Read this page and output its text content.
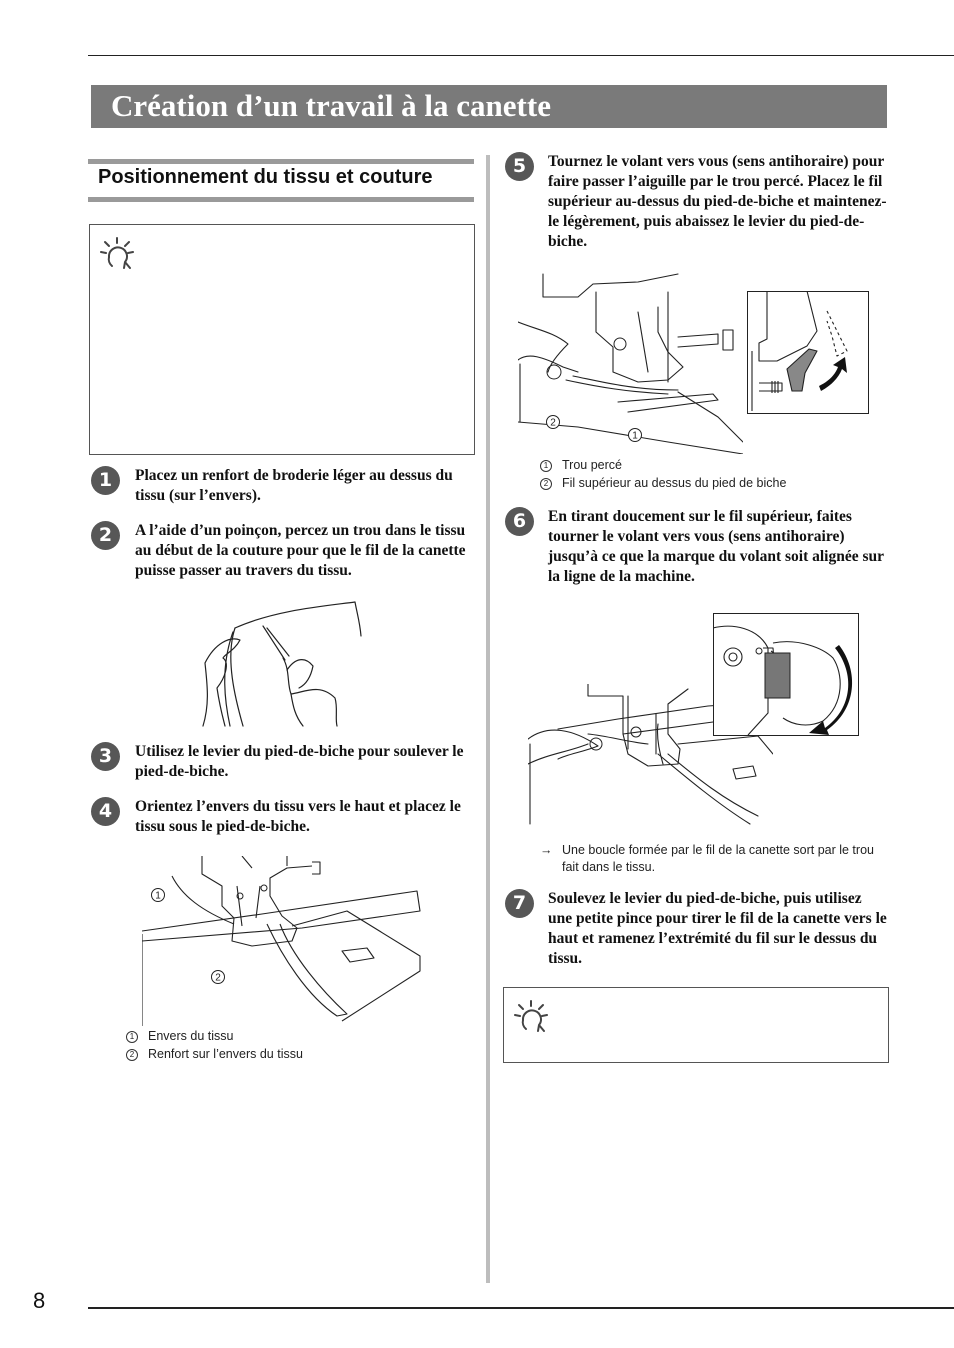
Création d’un travail à la canette
Positionnement du tissu et couture
1	Placez un renfort de broderie léger au dessus du tissu (sur l’envers).
2	A l’aide d’un poinçon, percez un trou dans le tissu au début de la couture pour que le fil de la canette puisse passer au travers du tissu.
3	Utilisez le levier du pied-de-biche pour soulever le pied-de-biche.
4	Orientez l’envers du tissu vers le haut et placez le tissu sous le pied-de-biche.
1
2
1 Envers du tissu
2 Renfort sur l’envers du tissu
5	Tournez le volant vers vous (sens antihoraire) pour faire passer l’aiguille par le trou percé. Placez le fil supérieur au-dessus du pied-de-biche et maintenez-le légèrement, puis abaissez le levier du pied-de-biche.
2
1
1 Trou percé
2 Fil supérieur au dessus du pied de biche
6	En tirant doucement sur le fil supérieur, faites tourner le volant vers vous (sens antihoraire) jusqu’à ce que la marque du volant soit alignée sur la ligne de la machine.
→ Une boucle formée par le fil de la canette sort par le trou fait dans le tissu.
7	Soulevez le levier du pied-de-biche, puis utilisez une petite pince pour tirer le fil de la canette vers le haut et ramenez l’extrémité du fil sur le dessus du tissu.
8
